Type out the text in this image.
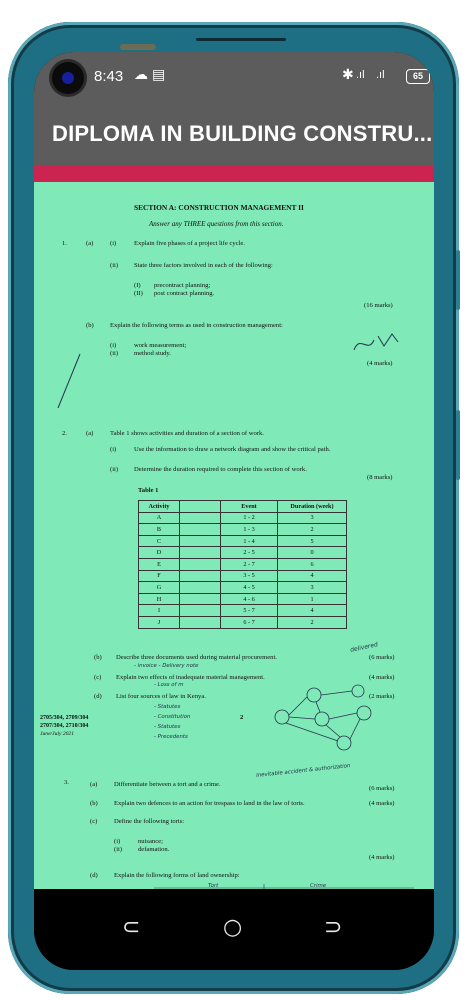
8:43 ☁ ▤	✱ .ıl .ıl	65
DIPLOMA IN BUILDING CONSTRU...
SECTION A: CONSTRUCTION MANAGEMENT II
Answer any THREE questions from this section.
1.	(a)	(i)	Explain five phases of a project life cycle.
(ii) State three factors involved in each of the following:
(I) precontract planning;
(II) post contract planning.
(16 marks)
(b) Explain the following terms as used in construction management:
(i)	work measurement;
(ii) method study.
(4 marks)
2.	(a)	Table 1 shows activities and duration of a section of work.
(i)	Use the information to draw a network diagram and show the critical path.
(ii) Determine the duration required to complete this section of work.
(8 marks)
Table 1
Activity		Event	Duration (week)
A		1 - 2	3
B		1 - 3	2
C		1 - 4	5
D		2 - 5	0
E		2 - 7	6
F		3 - 5	4
G		4 - 5	3
H		4 - 6	1
I		5 - 7	4
J		6 - 7	2
(b) Describe three documents used during material procurement.	(6 marks)
delivered
- invoice - Delivery note
(c) Explain two effects of inadequate material management.	(4 marks)
- Loss of m
(d) List four sources of law in Kenya.	(2 marks)
- Statutes
- Constitution
- Statutes
- Precedents
2705/304, 2709/304
2707/304, 2710/304
June/July 2021
2
3.	(a)	Differentiate between a tort and a crime.
(6 marks)
Inevitable accident & authorization
(b) Explain two defences to an action for trespass to land in the law of torts.	(4 marks)
(c)	Define the following torts:
(i)	nuisance;
(ii) defamation.
(4 marks)
(d) Explain the following forms of land ownership:
Tort	Crime
⊂	○	⊃
